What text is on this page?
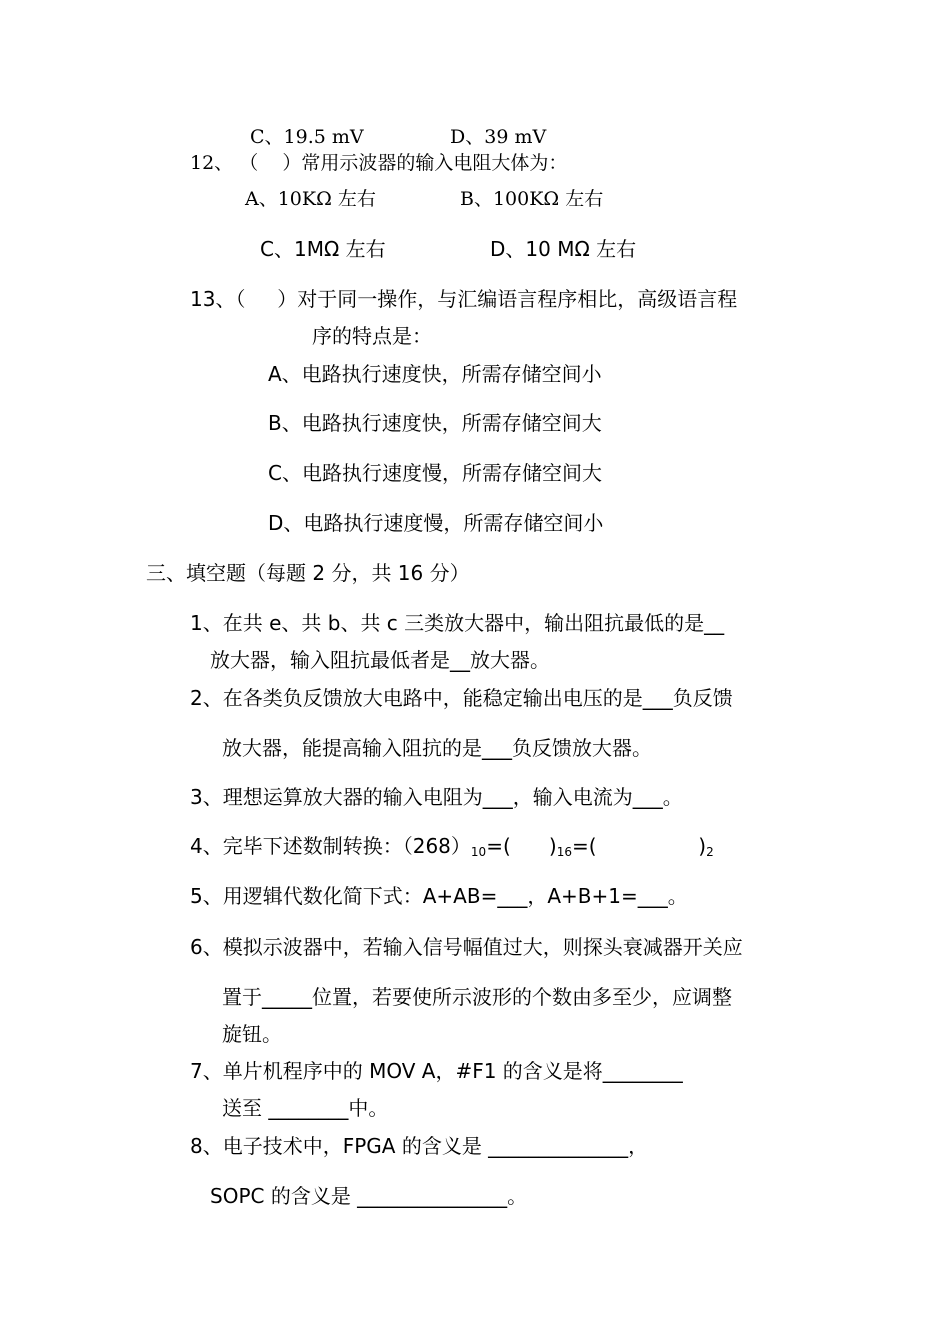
C、19.5 mV	D、39 mV
12、 （    ）常用示波器的输入电阻大体为：
A、10KΩ 左右	B、100KΩ 左右
C、1MΩ 左右	D、10 MΩ 左右
13、（     ）对于同一操作，与汇编语言程序相比，高级语言程
序的特点是：
A、电路执行速度快，所需存储空间小
B、电路执行速度快，所需存储空间大
C、电路执行速度慢，所需存储空间大
D、电路执行速度慢，所需存储空间小
三、填空题（每题 2 分，共 16 分）
1、在共 e、共 b、共 c 三类放大器中，输出阻抗最低的是__
放大器，输入阻抗最低者是__放大器。
2、在各类负反馈放大电路中，能稳定输出电压的是___负反馈
放大器，能提高输入阻抗的是___负反馈放大器。
3、理想运算放大器的输入电阻为___，输入电流为___。
4、完毕下述数制转换：$(268)_{10}=$(      )$_{16}=$(                )$_2$
5、用逻辑代数化简下式：A+AB=___，A+B+1=___。
6、模拟示波器中，若输入信号幅值过大，则探头衰减器开关应
置于_____位置，若要使所示波形的个数由多至少，应调整
旋钮。
7、单片机程序中的 MOV A，#F1 的含义是将________
送至 ________中。
8、电子技术中，FPGA 的含义是 ______________，
SOPC 的含义是 _______________。
